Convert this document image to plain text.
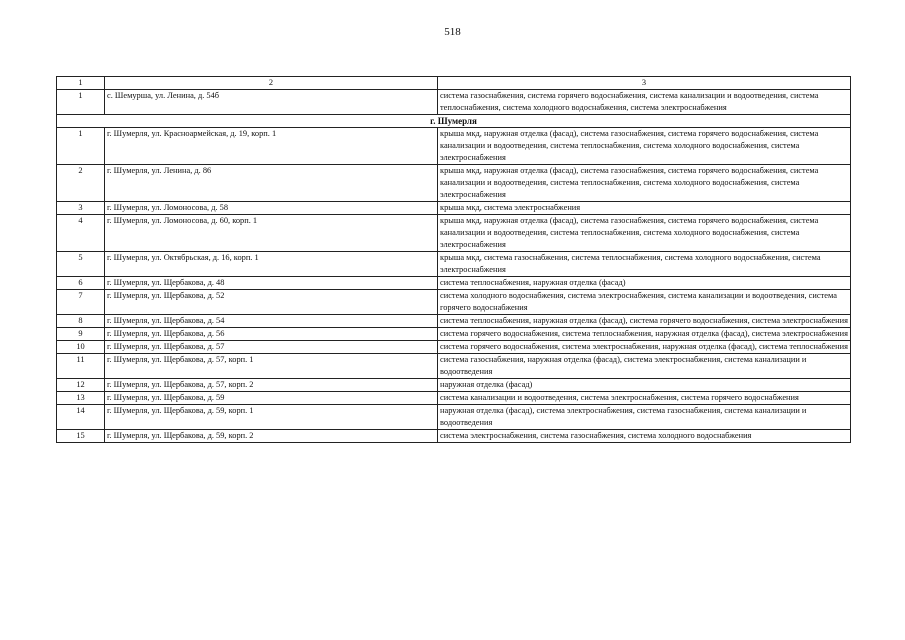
518
1	2	3
1	с. Шемурша, ул. Ленина, д. 54б	система газоснабжения, система горячего водоснабжения, система канализации и водоотведения, система теплоснабжения, система холодного водоснабжения, система электроснабжения
г. Шумерля		
1	г. Шумерля, ул. Красноармейская, д. 19, корп. 1	крыша мкд, наружная отделка (фасад), система газоснабжения, система горячего водоснабжения, система канализации и водоотведения, система теплоснабжения, система холодного водоснабжения, система электроснабжения
2	г. Шумерля, ул. Ленина, д. 86	крыша мкд, наружная отделка (фасад), система газоснабжения, система горячего водоснабжения, система канализации и водоотведения, система теплоснабжения, система холодного водоснабжения, система электроснабжения
3	г. Шумерля, ул. Ломоносова, д. 58	крыша мкд, система электроснабжения
4	г. Шумерля, ул. Ломоносова, д. 60, корп. 1	крыша мкд, наружная отделка (фасад), система газоснабжения, система горячего водоснабжения, система канализации и водоотведения, система теплоснабжения, система холодного водоснабжения, система электроснабжения
5	г. Шумерля, ул. Октябрьская, д. 16, корп. 1	крыша мкд, система газоснабжения, система теплоснабжения, система холодного водоснабжения, система электроснабжения
6	г. Шумерля, ул. Щербакова, д. 48	система теплоснабжения, наружная отделка (фасад)
7	г. Шумерля, ул. Щербакова, д. 52	система холодного водоснабжения, система электроснабжения, система канализации и водоотведения, система горячего водоснабжения
8	г. Шумерля, ул. Щербакова, д. 54	система теплоснабжения, наружная отделка (фасад), система горячего водоснабжения, система электроснабжения
9	г. Шумерля, ул. Щербакова, д. 56	система горячего водоснабжения, система теплоснабжения, наружная отделка (фасад), система электроснабжения
10	г. Шумерля, ул. Щербакова, д. 57	система горячего водоснабжения, система электроснабжения, наружная отделка (фасад), система теплоснабжения
11	г. Шумерля, ул. Щербакова, д. 57, корп. 1	система газоснабжения, наружная отделка (фасад), система электроснабжения, система канализации и водоотведения
12	г. Шумерля, ул. Щербакова, д. 57, корп. 2	наружная отделка (фасад)
13	г. Шумерля, ул. Щербакова, д. 59	система канализации и водоотведения, система электроснабжения, система горячего водоснабжения
14	г. Шумерля, ул. Щербакова, д. 59, корп. 1	наружная отделка (фасад), система электроснабжения, система газоснабжения, система канализации и водоотведения
15	г. Шумерля, ул. Щербакова, д. 59, корп. 2	система электроснабжения, система газоснабжения, система холодного водоснабжения
